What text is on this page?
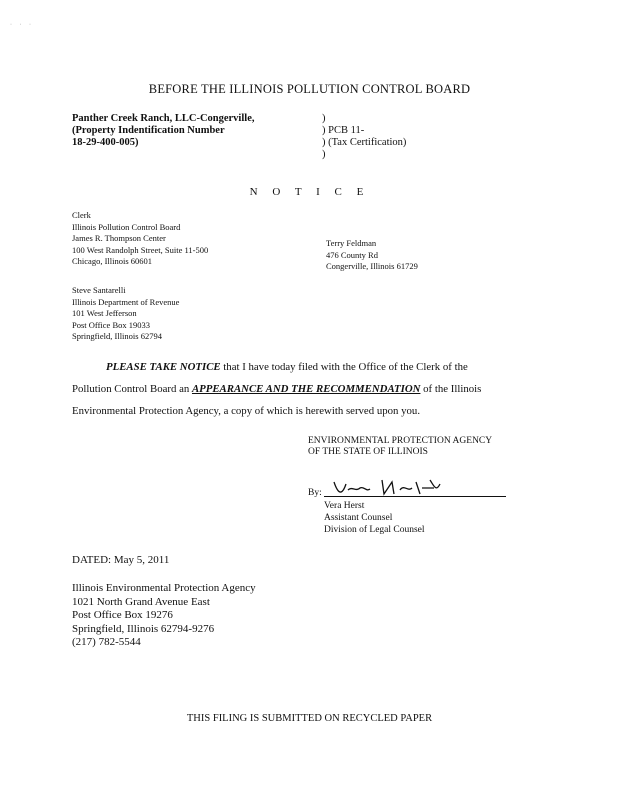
· · ·
BEFORE THE ILLINOIS POLLUTION CONTROL BOARD
Panther Creek Ranch, LLC-Congerville,
(Property Indentification Number
18-29-400-005)
)
) PCB 11-
) (Tax Certification)
)
N O T I C E
Clerk
Illinois Pollution Control Board
James R. Thompson Center
100 West Randolph Street, Suite 11-500
Chicago, Illinois 60601
Terry Feldman
476 County Rd
Congerville, Illinois 61729
Steve Santarelli
Illinois Department of Revenue
101 West Jefferson
Post Office Box 19033
Springfield, Illinois 62794
PLEASE TAKE NOTICE that I have today filed with the Office of the Clerk of the
Pollution Control Board an APPEARANCE AND THE RECOMMENDATION of the Illinois
Environmental Protection Agency, a copy of which is herewith served upon you.
ENVIRONMENTAL PROTECTION AGENCY
OF THE STATE OF ILLINOIS
By:
Vera Herst
Assistant Counsel
Division of Legal Counsel
DATED: May 5, 2011
Illinois Environmental Protection Agency
1021 North Grand Avenue East
Post Office Box 19276
Springfield, Illinois 62794-9276
(217) 782-5544
THIS FILING IS SUBMITTED ON RECYCLED PAPER
